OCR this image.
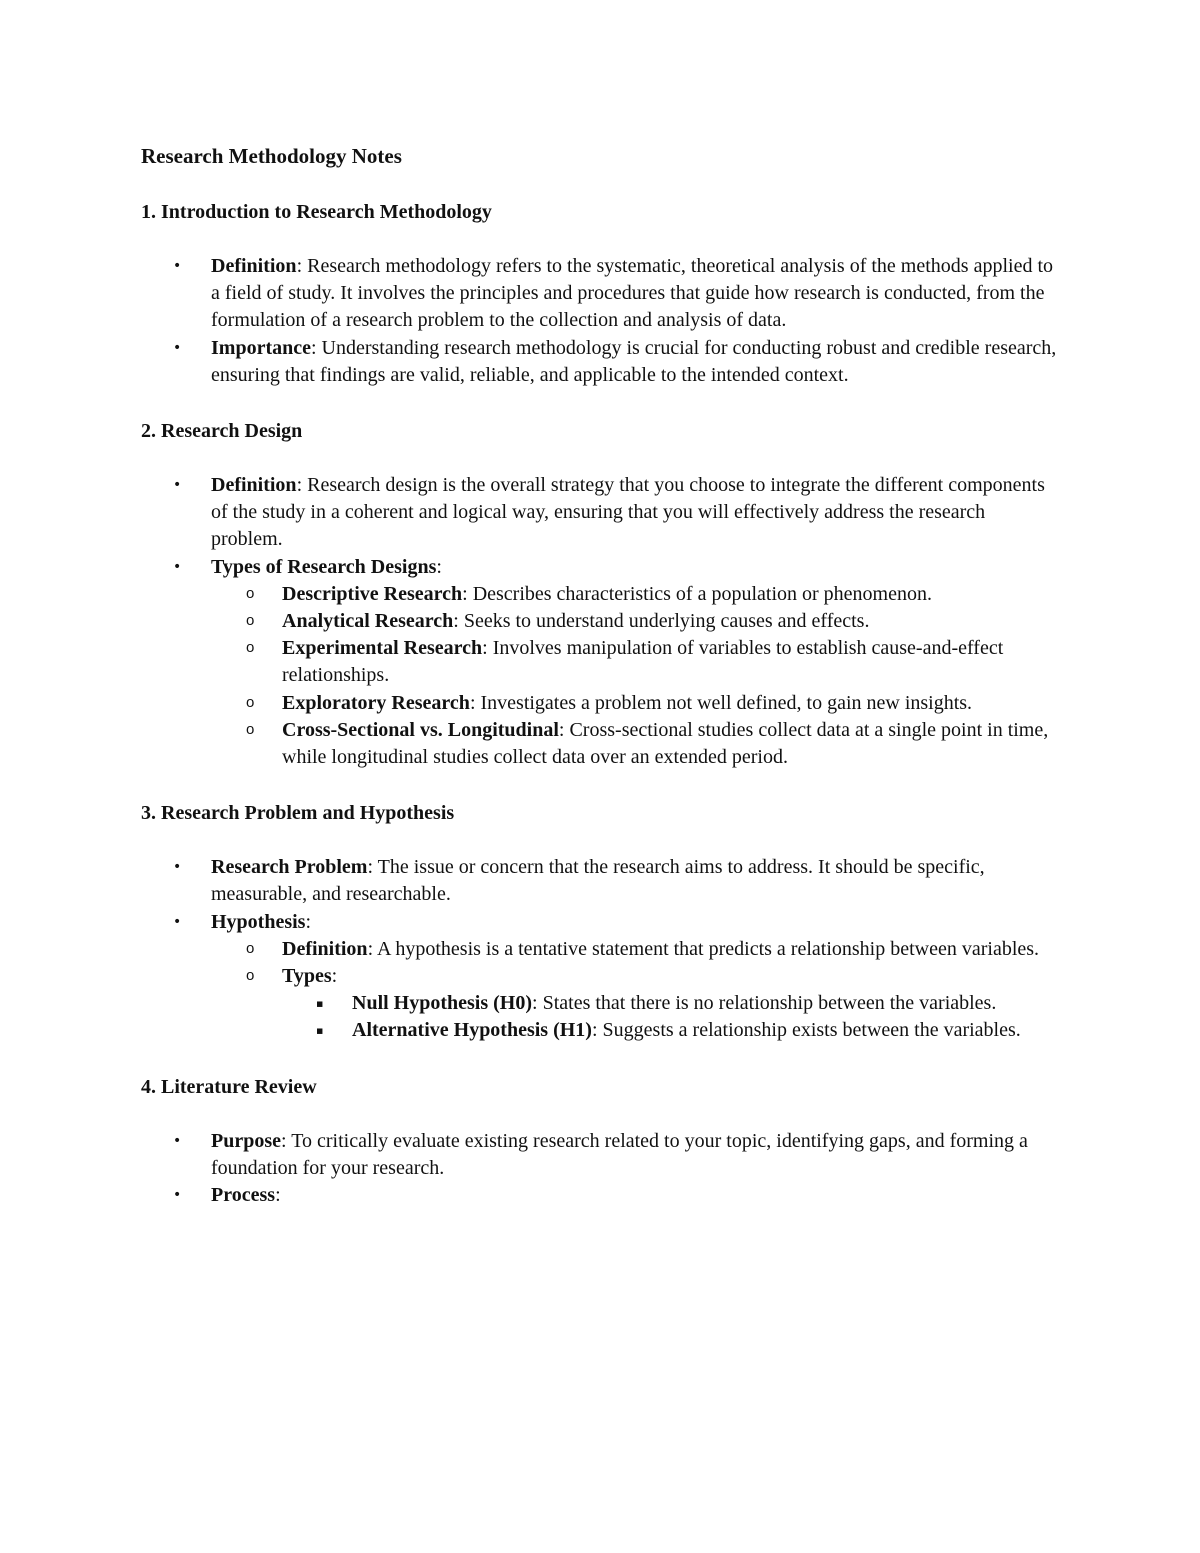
Research Methodology Notes
1. Introduction to Research Methodology
• Definition: Research methodology refers to the systematic, theoretical analysis of the methods applied to a field of study. It involves the principles and procedures that guide how research is conducted, from the formulation of a research problem to the collection and analysis of data.
• Importance: Understanding research methodology is crucial for conducting robust and credible research, ensuring that findings are valid, reliable, and applicable to the intended context.
2. Research Design
• Definition: Research design is the overall strategy that you choose to integrate the different components of the study in a coherent and logical way, ensuring that you will effectively address the research problem.
• Types of Research Designs:
o Descriptive Research: Describes characteristics of a population or phenomenon.
o Analytical Research: Seeks to understand underlying causes and effects.
o Experimental Research: Involves manipulation of variables to establish cause-and-effect relationships.
o Exploratory Research: Investigates a problem not well defined, to gain new insights.
o Cross-Sectional vs. Longitudinal: Cross-sectional studies collect data at a single point in time, while longitudinal studies collect data over an extended period.
3. Research Problem and Hypothesis
• Research Problem: The issue or concern that the research aims to address. It should be specific, measurable, and researchable.
• Hypothesis:
o Definition: A hypothesis is a tentative statement that predicts a relationship between variables.
o Types:
▪ Null Hypothesis (H0): States that there is no relationship between the variables.
▪ Alternative Hypothesis (H1): Suggests a relationship exists between the variables.
4. Literature Review
• Purpose: To critically evaluate existing research related to your topic, identifying gaps, and forming a foundation for your research.
• Process:
